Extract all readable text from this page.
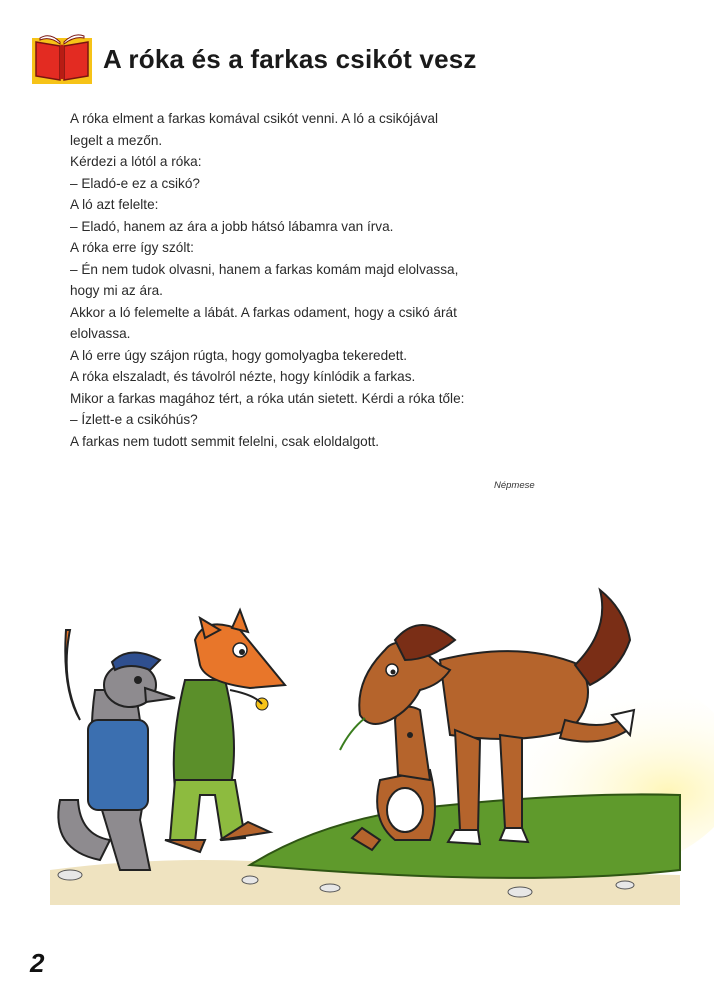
A róka és a farkas csikót vesz
A róka elment a farkas komával csikót venni. A ló a csikójával
legelt a mezőn.
Kérdezi a lótól a róka:
– Eladó-e ez a csikó?
A ló azt felelte:
– Eladó, hanem az ára a jobb hátsó lábamra van írva.
A róka erre így szólt:
– Én nem tudok olvasni, hanem a farkas komám majd elolvassa,
hogy mi az ára.
Akkor a ló felemelte a lábát. A farkas odament, hogy a csikó árát
elolvassa.
A ló erre úgy szájon rúgta, hogy gomolyagba tekeredett.
A róka elszaladt, és távolról nézte, hogy kínlódik a farkas.
Mikor a farkas magához tért, a róka után sietett. Kérdi a róka tőle:
– Ízlett-e a csikóhús?
A farkas nem tudott semmit felelni, csak eloldalgott.
Népmese
2
